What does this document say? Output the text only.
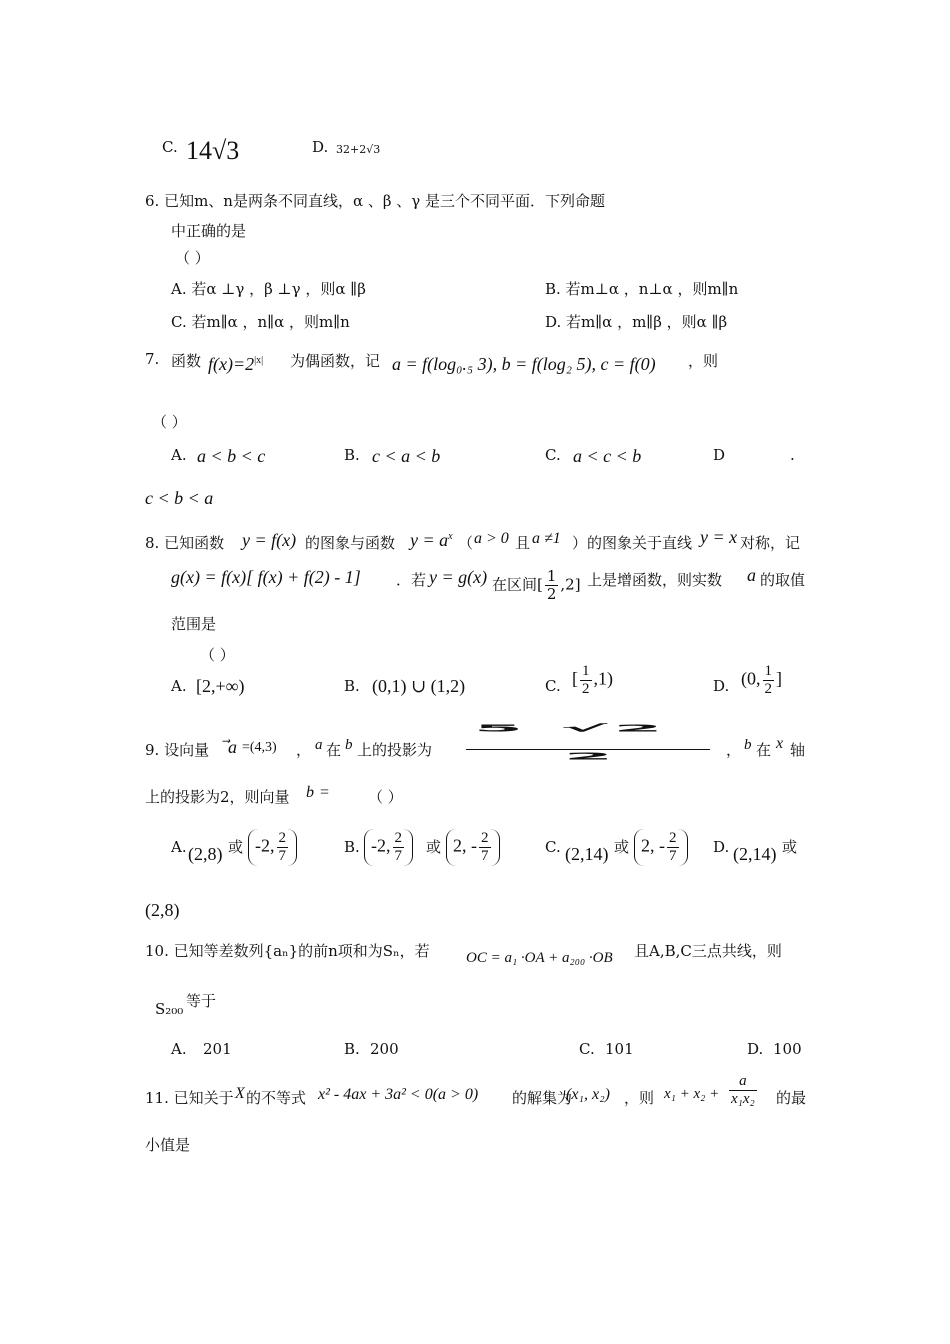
C. 14√3	D. 32+2√3
6. 已知m、n是两条不同直线，α 、β 、γ 是三个不同平面．下列命题
中正确的是
（ ）
A. 若α ⊥γ ，β ⊥γ ，则α ∥β	B. 若m⊥α ，n⊥α ，则m∥n
C. 若m∥α ，n∥α ，则m∥n	D. 若m∥α ，m∥β ，则α ∥β
7. 函数 $f(x)=2^{|x|}$ 为偶函数，记 a = f(log₀.₅ 3), b = f(log₂ 5), c = f(0) ，则
（ ）
A. a < b < c	B. c < a < b	C. a < c < b	D	.
c < b < a
8. 已知函数 y = f(x) 的图象与函数 $y = a^x$ （ a > 0 且 a ≠1 ）的图象关于直线 y = x 对称，记
g(x) = f(x)[ f(x) + f(2) - 1] ．若 y = g(x) 在区间[ $\frac{1}{2} ,2$] 上是增函数，则实数 a 的取值
范围是
（ ）
A. [2,+∞)	B. (0,1) ∪ (1,2)	C. [ $\frac{1}{2} ,1$)	D. (0, $\frac{1}{2}$ ]
9. 设向量 a =(4,3) ， a 在 b 上的投影为
5 √2
2	， b 在 x 轴
上的投影为2，则向量 b =	（ ）
A. (2,8) 或 -2, $\frac{2}{7}$	B. -2, $\frac{2}{7}$ 或 2, - $\frac{2}{7}$	C. (2,14) 或 2, - $\frac{2}{7} D$. (2,14) 或
(2,8)
10. 已知等差数列{aₙ}的前n项和为Sₙ，若 OC = a₁ ·OA + a₂₀₀ ·OB 且A,B,C三点共线，则
S₂₀₀ 等于
A. 201	B. 200	C. 101	D. 100
11. 已知关于 X 的不等式 x² - 4ax + 3a² < 0(a > 0) 的解集为
(x₁, x₂) ，则 $x_1 + x_2 + \frac{a}{\text{x₁x₂}}$ 的最
小值是
